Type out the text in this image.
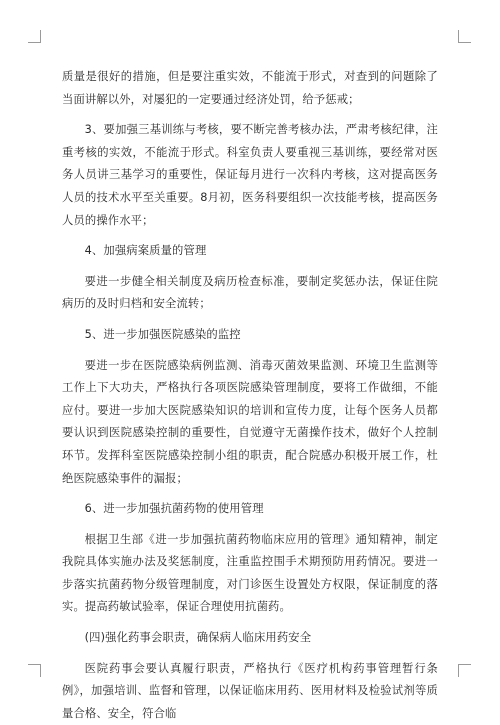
质量是很好的措施，但是要注重实效，不能流于形式，对查到的问题除了当面讲解以外，对屡犯的一定要通过经济处罚，给予惩戒；

3、要加强三基训练与考核，要不断完善考核办法，严肃考核纪律，注重考核的实效，不能流于形式。科室负责人要重视三基训练，要经常对医务人员讲三基学习的重要性，保证每月进行一次科内考核，这对提高医务人员的技术水平至关重要。8月初，医务科要组织一次技能考核，提高医务人员的操作水平；

4、加强病案质量的管理

要进一步健全相关制度及病历检查标准，要制定奖惩办法，保证住院病历的及时归档和安全流转；

5、进一步加强医院感染的监控

要进一步在医院感染病例监测、消毒灭菌效果监测、环境卫生监测等工作上下大功夫，严格执行各项医院感染管理制度，要将工作做细，不能应付。要进一步加大医院感染知识的培训和宣传力度，让每个医务人员都要认识到医院感染控制的重要性，自觉遵守无菌操作技术，做好个人控制环节。发挥科室医院感染控制小组的职责，配合院感办积极开展工作，杜绝医院感染事件的漏报；

6、进一步加强抗菌药物的使用管理

根据卫生部《进一步加强抗菌药物临床应用的管理》通知精神，制定我院具体实施办法及奖惩制度，注重监控围手术期预防用药情况。要进一步落实抗菌药物分级管理制度，对门诊医生设置处方权限，保证制度的落实。提高药敏试验率，保证合理使用抗菌药。

(四)强化药事会职责，确保病人临床用药安全

医院药事会要认真履行职责，严格执行《医疗机构药事管理暂行条例》，加强培训、监督和管理，以保证临床用药、医用材料及检验试剂等质量合格、安全，符合临
